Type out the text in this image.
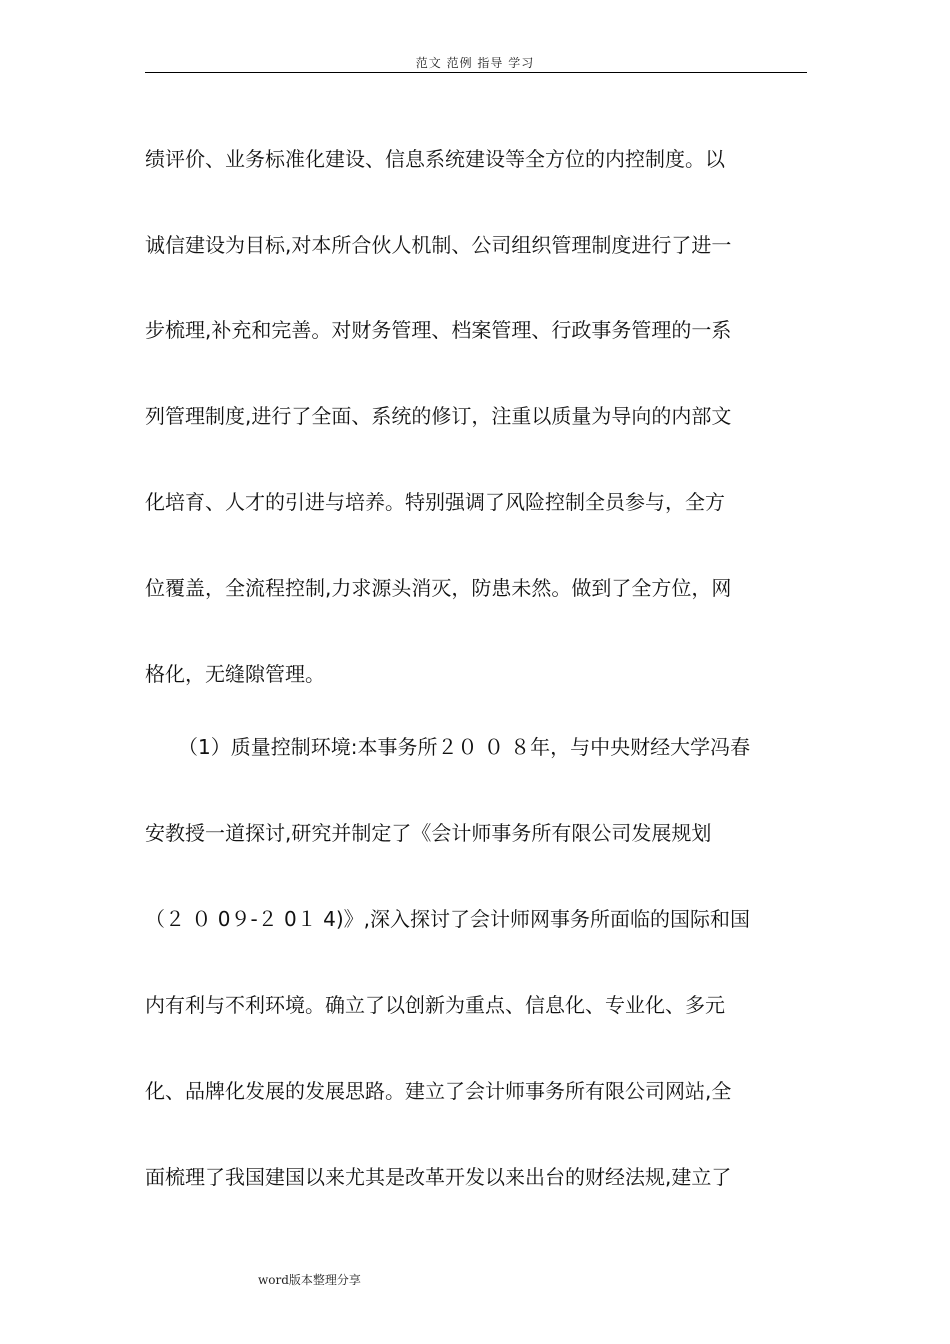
范文 范例 指导 学习
绩评价、业务标准化建设、信息系统建设等全方位的内控制度。以
诚信建设为目标,对本所合伙人机制、公司组织管理制度进行了进一
步梳理,补充和完善。对财务管理、档案管理、行政事务管理的一系
列管理制度,进行了全面、系统的修订，注重以质量为导向的内部文
化培育、人才的引进与培养。特别强调了风险控制全员参与，全方
位覆盖，全流程控制,力求源头消灭，防患未然。做到了全方位，网
格化，无缝隙管理。
（1）质量控制环境:本事务所２０ ０ ８年，与中央财经大学冯春
安教授一道探讨,研究并制定了《会计师事务所有限公司发展规划
（２ ０ 0９-２ 0１ 4)》,深入探讨了会计师网事务所面临的国际和国
内有利与不利环境。确立了以创新为重点、信息化、专业化、多元
化、品牌化发展的发展思路。建立了会计师事务所有限公司网站,全
面梳理了我国建国以来尤其是改革开发以来出台的财经法规,建立了
word版本整理分享
